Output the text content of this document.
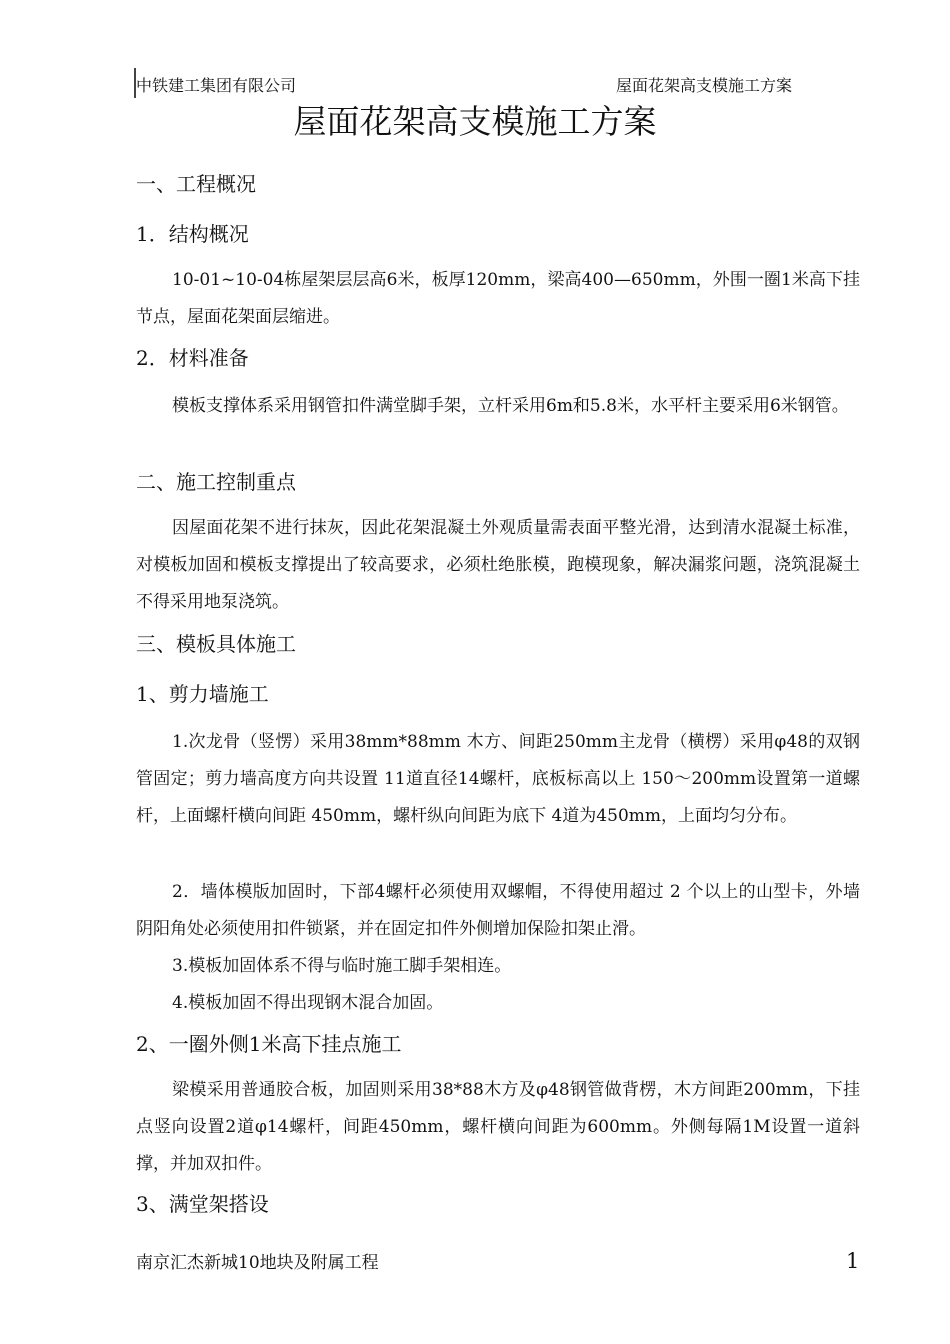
中铁建工集团有限公司	屋面花架高支模施工方案
屋面花架高支模施工方案
一、工程概况
1．结构概况
10-01~10-04栋屋架层层高6米，板厚120mm，梁高400—650mm，外围一圈1米高下挂节点，屋面花架面层缩进。
2．材料准备
模板支撑体系采用钢管扣件满堂脚手架，立杆采用6m和5.8米，水平杆主要采用6米钢管。
二、施工控制重点
因屋面花架不进行抹灰，因此花架混凝土外观质量需表面平整光滑，达到清水混凝土标准，对模板加固和模板支撑提出了较高要求，必须杜绝胀模，跑模现象，解决漏浆问题，浇筑混凝土不得采用地泵浇筑。
三、模板具体施工
1、剪力墙施工
1.次龙骨（竖愣）采用38mm*88mm 木方、间距250mm主龙骨（横楞）采用φ48的双钢管固定；剪力墙高度方向共设置 11道直径14螺杆，底板标高以上 150～200mm设置第一道螺杆，上面螺杆横向间距 450mm，螺杆纵向间距为底下 4道为450mm，上面均匀分布。
2．墙体模版加固时，下部4螺杆必须使用双螺帽，不得使用超过 2 个以上的山型卡，外墙阴阳角处必须使用扣件锁紧，并在固定扣件外侧增加保险扣架止滑。
3.模板加固体系不得与临时施工脚手架相连。
4.模板加固不得出现钢木混合加固。
2、一圈外侧1米高下挂点施工
梁模采用普通胶合板，加固则采用38*88木方及φ48钢管做背楞，木方间距200mm，下挂点竖向设置2道φ14螺杆，间距450mm，螺杆横向间距为600mm。外侧每隔1M设置一道斜撑，并加双扣件。
3、满堂架搭设
南京汇杰新城10地块及附属工程	1
